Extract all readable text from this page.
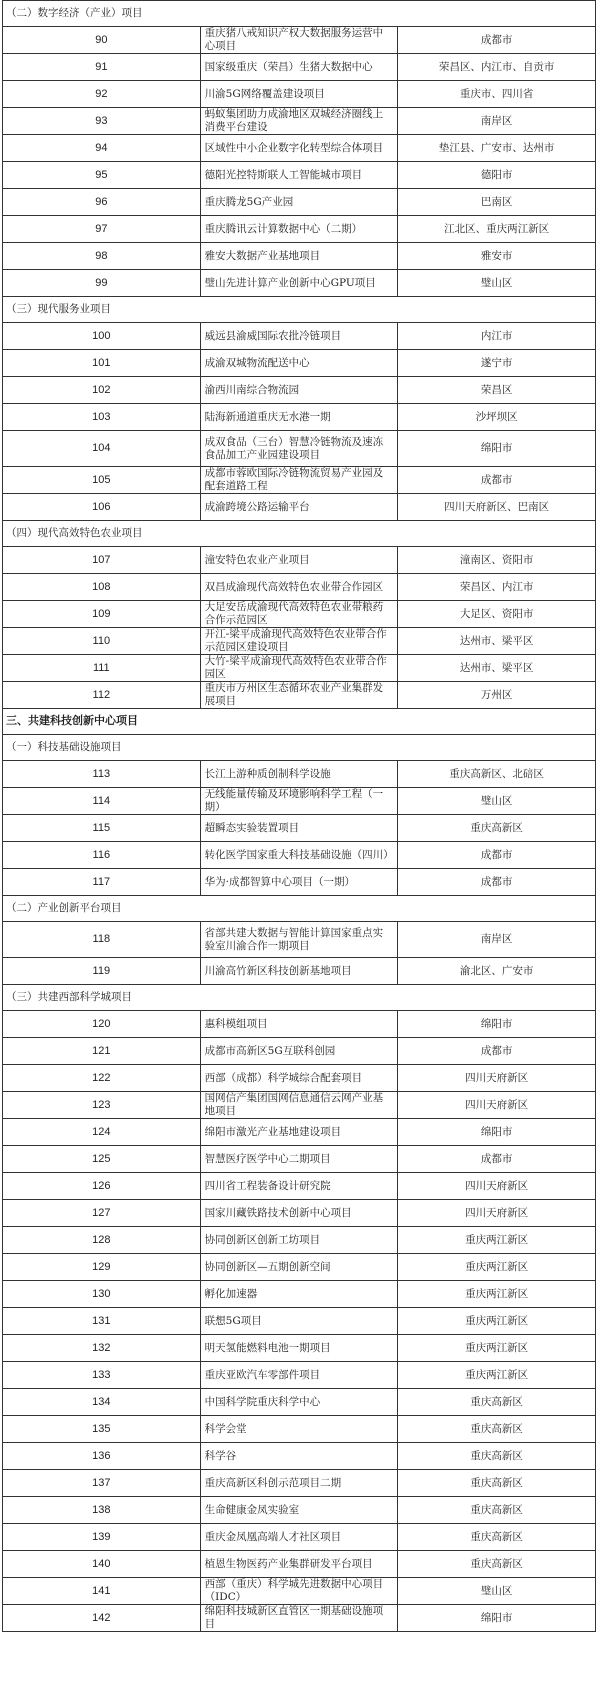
（二）数字经济（产业）项目		
90	重庆猪八戒知识产权大数据服务运营中心项目	成都市
91	国家级重庆（荣昌）生猪大数据中心	荣昌区、内江市、自贡市
92	川渝5G网络覆盖建设项目	重庆市、四川省
93	蚂蚁集团助力成渝地区双城经济圈线上消费平台建设	南岸区
94	区域性中小企业数字化转型综合体项目	垫江县、广安市、达州市
95	德阳光控特斯联人工智能城市项目	德阳市
96	重庆腾龙5G产业园	巴南区
97	重庆腾讯云计算数据中心（二期）	江北区、重庆两江新区
98	雅安大数据产业基地项目	雅安市
99	璧山先进计算产业创新中心GPU项目	璧山区
（三）现代服务业项目		
100	威远县渝威国际农批冷链项目	内江市
101	成渝双城物流配送中心	遂宁市
102	渝西川南综合物流园	荣昌区
103	陆海新通道重庆无水港一期	沙坪坝区
104	成双食品（三台）智慧冷链物流及速冻食品加工产业园建设项目	绵阳市
105	成都市蓉欧国际冷链物流贸易产业园及配套道路工程	成都市
106	成渝跨境公路运输平台	四川天府新区、巴南区
（四）现代高效特色农业项目		
107	潼安特色农业产业项目	潼南区、资阳市
108	双昌成渝现代高效特色农业带合作园区	荣昌区、内江市
109	大足安岳成渝现代高效特色农业带粮药合作示范园区	大足区、资阳市
110	开江-梁平成渝现代高效特色农业带合作示范园区建设项目	达州市、梁平区
111	大竹-梁平成渝现代高效特色农业带合作园区	达州市、梁平区
112	重庆市万州区生态循环农业产业集群发展项目	万州区
三、共建科技创新中心项目		
（一）科技基础设施项目		
113	长江上游种质创制科学设施	重庆高新区、北碚区
114	无线能量传输及环境影响科学工程（一期）	璧山区
115	超瞬态实验装置项目	重庆高新区
116	转化医学国家重大科技基础设施（四川）	成都市
117	华为·成都智算中心项目（一期）	成都市
（二）产业创新平台项目		
118	省部共建大数据与智能计算国家重点实验室川渝合作一期项目	南岸区
119	川渝高竹新区科技创新基地项目	渝北区、广安市
（三）共建西部科学城项目		
120	惠科模组项目	绵阳市
121	成都市高新区5G互联科创园	成都市
122	西部（成都）科学城综合配套项目	四川天府新区
123	国网信产集团国网信息通信云网产业基地项目	四川天府新区
124	绵阳市激光产业基地建设项目	绵阳市
125	智慧医疗医学中心二期项目	成都市
126	四川省工程装备设计研究院	四川天府新区
127	国家川藏铁路技术创新中心项目	四川天府新区
128	协同创新区创新工坊项目	重庆两江新区
129	协同创新区—五期创新空间	重庆两江新区
130	孵化加速器	重庆两江新区
131	联想5G项目	重庆两江新区
132	明天氢能燃料电池一期项目	重庆两江新区
133	重庆亚欧汽车零部件项目	重庆两江新区
134	中国科学院重庆科学中心	重庆高新区
135	科学会堂	重庆高新区
136	科学谷	重庆高新区
137	重庆高新区科创示范项目二期	重庆高新区
138	生命健康金凤实验室	重庆高新区
139	重庆金凤凰高端人才社区项目	重庆高新区
140	植恩生物医药产业集群研发平台项目	重庆高新区
141	西部（重庆）科学城先进数据中心项目（IDC）	璧山区
142	绵阳科技城新区直管区一期基础设施项目	绵阳市
